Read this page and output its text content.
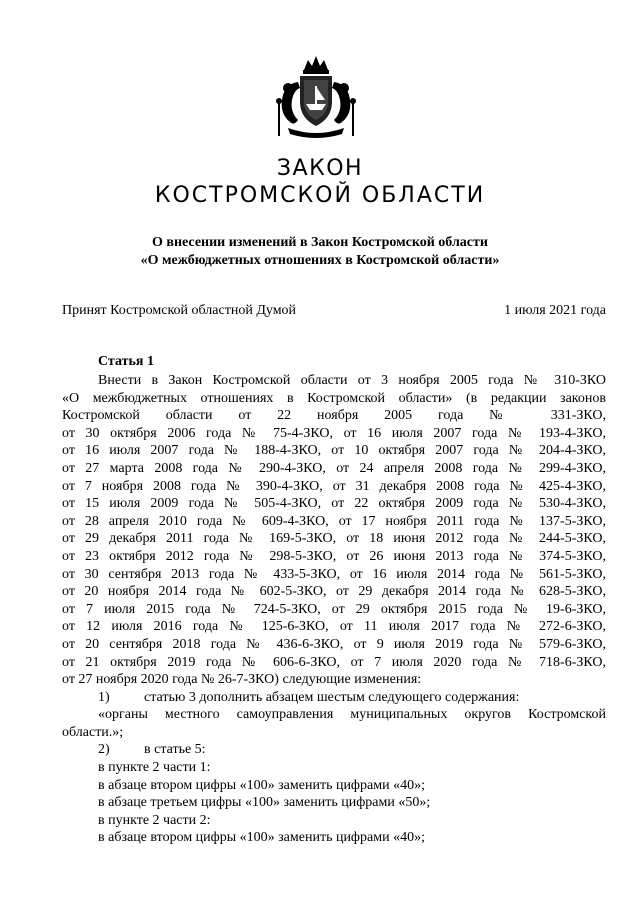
ЗАКОН
КОСТРОМСКОЙ ОБЛАСТИ
О внесении изменений в Закон Костромской области
«О межбюджетных отношениях в Костромской области»
Принят Костромской областной Думой	1 июля 2021 года
Статья 1
Внести в Закон Костромской области от 3 ноября 2005 года № 310-ЗКО
«О межбюджетных отношениях в Костромской области» (в редакции законов
Костромской области от 22 ноября 2005 года № 331-ЗКО,
от 30 октября 2006 года № 75-4-ЗКО, от 16 июля 2007 года № 193-4-ЗКО,
от 16 июля 2007 года № 188-4-ЗКО, от 10 октября 2007 года № 204-4-ЗКО,
от 27 марта 2008 года № 290-4-ЗКО, от 24 апреля 2008 года № 299-4-ЗКО,
от 7 ноября 2008 года № 390-4-ЗКО, от 31 декабря 2008 года № 425-4-ЗКО,
от 15 июля 2009 года № 505-4-ЗКО, от 22 октября 2009 года № 530-4-ЗКО,
от 28 апреля 2010 года № 609-4-ЗКО, от 17 ноября 2011 года № 137-5-ЗКО,
от 29 декабря 2011 года № 169-5-ЗКО, от 18 июня 2012 года № 244-5-ЗКО,
от 23 октября 2012 года № 298-5-ЗКО, от 26 июня 2013 года № 374-5-ЗКО,
от 30 сентября 2013 года № 433-5-ЗКО, от 16 июля 2014 года № 561-5-ЗКО,
от 20 ноября 2014 года № 602-5-ЗКО, от 29 декабря 2014 года № 628-5-ЗКО,
от 7 июля 2015 года № 724-5-ЗКО, от 29 октября 2015 года № 19-6-ЗКО,
от 12 июля 2016 года № 125-6-ЗКО, от 11 июля 2017 года № 272-6-ЗКО,
от 20 сентября 2018 года № 436-6-ЗКО, от 9 июля 2019 года № 579-6-ЗКО,
от 21 октября 2019 года № 606-6-ЗКО, от 7 июля 2020 года № 718-6-ЗКО,
от 27 ноября 2020 года № 26-7-ЗКО) следующие изменения:
1)	статью 3 дополнить абзацем шестым следующего содержания:
«органы местного самоуправления муниципальных округов Костромской
области.»;
2)	в статье 5:
в пункте 2 части 1:
в абзаце втором цифры «100» заменить цифрами «40»;
в абзаце третьем цифры «100» заменить цифрами «50»;
в пункте 2 части 2:
в абзаце втором цифры «100» заменить цифрами «40»;
